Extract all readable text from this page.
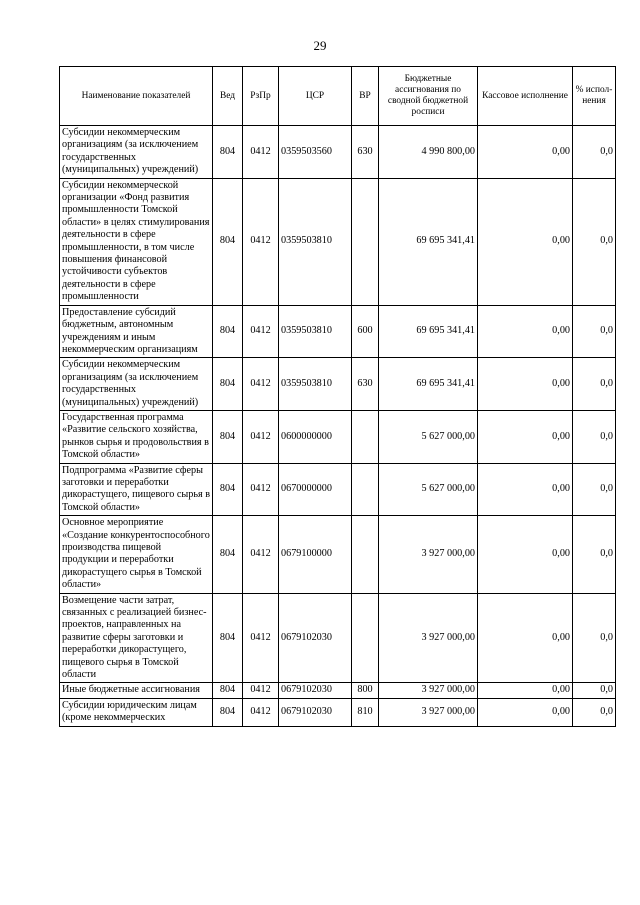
29
Наименование показателей	Вед	РзПр	ЦСР	ВР	Бюджетные ассигнования по сводной бюджетной росписи	Кассовое исполнение	% испол-нения
Субсидии некоммерческим организациям (за исключением государственных (муниципальных) учреждений)	804	0412	0359503560	630	4 990 800,00	0,00	0,0
Субсидии некоммерческой организации «Фонд развития промышленности Томской области» в целях стимулирования деятельности в сфере промышленности, в том числе повышения финансовой устойчивости субъектов деятельности в сфере промышленности	804	0412	0359503810		69 695 341,41	0,00	0,0
Предоставление субсидий бюджетным, автономным учреждениям и иным некоммерческим организациям	804	0412	0359503810	600	69 695 341,41	0,00	0,0
Субсидии некоммерческим организациям (за исключением государственных (муниципальных) учреждений)	804	0412	0359503810	630	69 695 341,41	0,00	0,0
Государственная программа «Развитие сельского хозяйства, рынков сырья и продовольствия в Томской области»	804	0412	0600000000		5 627 000,00	0,00	0,0
Подпрограмма «Развитие сферы заготовки и переработки дикорастущего, пищевого сырья в Томской области»	804	0412	0670000000		5 627 000,00	0,00	0,0
Основное мероприятие «Создание конкурентоспособного производства пищевой продукции и переработки дикорастущего сырья в Томской области»	804	0412	0679100000		3 927 000,00	0,00	0,0
Возмещение части затрат, связанных с реализацией бизнес-проектов, направленных на развитие сферы заготовки и переработки дикорастущего, пищевого сырья в Томской области	804	0412	0679102030		3 927 000,00	0,00	0,0
Иные бюджетные ассигнования	804	0412	0679102030	800	3 927 000,00	0,00	0,0
Субсидии юридическим лицам (кроме некоммерческих	804	0412	0679102030	810	3 927 000,00	0,00	0,0
